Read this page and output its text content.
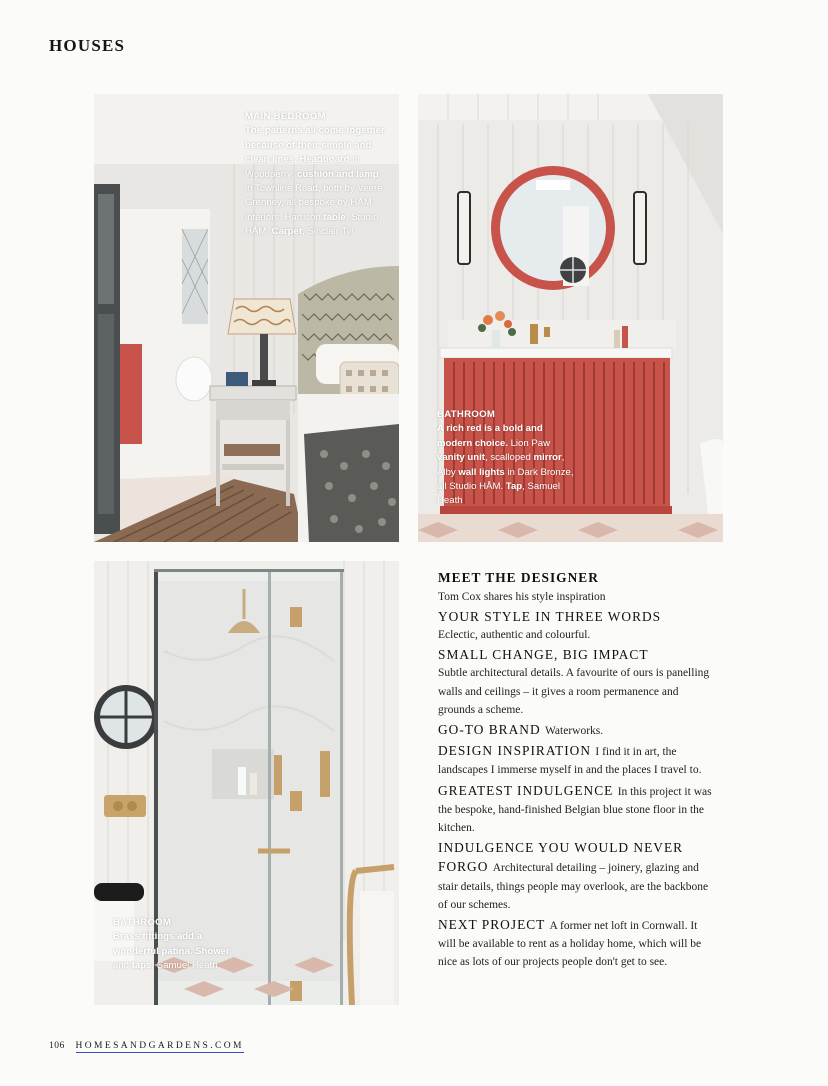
HOUSES
MAIN BEDROOM
The patterns all come together because of their simple and clean lines. Headboard in Woodperry; cushion and lamp in Townline Road, both by Veere Grenney, all bespoke by HÅM interiors. Harrison table, Studio HÅM. Carpet, Sinclair Till
BATHROOM
A rich red is a bold and modern choice. Lion Paw vanity unit, scalloped mirror, Alby wall lights in Dark Bronze, all Studio HÅM. Tap, Samuel Heath
BATHROOM
Brass fittings add a wonderful patina. Shower and taps, Samuel Heath
MEET THE DESIGNER
Tom Cox shares his style inspiration
YOUR STYLE IN THREE WORDS
Eclectic, authentic and colourful.
SMALL CHANGE, BIG IMPACT
Subtle architectural details. A favourite of ours is panelling walls and ceilings – it gives a room permanence and grounds a scheme.
GO-TO BRAND Waterworks.
DESIGN INSPIRATION I find it in art, the landscapes I immerse myself in and the places I travel to.
GREATEST INDULGENCE In this project it was the bespoke, hand-finished Belgian blue stone floor in the kitchen.
INDULGENCE YOU WOULD NEVER FORGO Architectural detailing – joinery, glazing and stair details, things people may overlook, are the backbone of our schemes.
NEXT PROJECT A former net loft in Cornwall. It will be available to rent as a holiday home, which will be nice as lots of our projects people don't get to see.
106 HOMESANDGARDENS.COM
